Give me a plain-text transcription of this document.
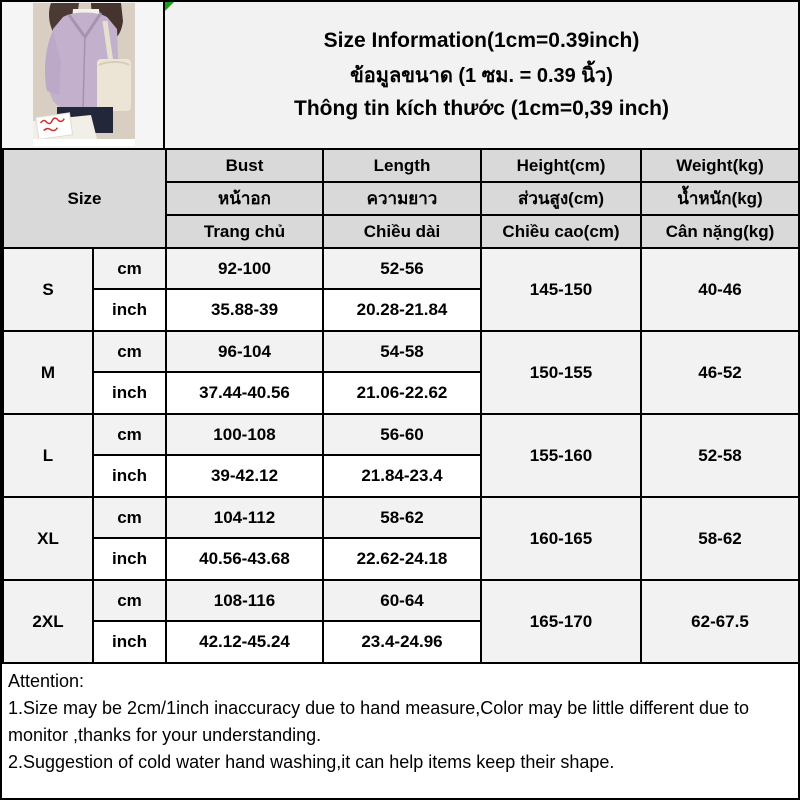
Size Information(1cm=0.39inch)
ข้อมูลขนาด (1 ซม. = 0.39 นิ้ว)
Thông tin kích thước (1cm=0,39 inch)
Size		Bust	Length	Height(cm)	Weight(kg)
		หน้าอก	ความยาว	ส่วนสูง(cm)	น้ำหนัก(kg)
		Trang chủ	Chiều dài	Chiều cao(cm)	Cân nặng(kg)
S	cm	92-100	52-56	145-150	40-46
	inch	35.88-39	20.28-21.84		
M	cm	96-104	54-58	150-155	46-52
	inch	37.44-40.56	21.06-22.62		
L	cm	100-108	56-60	155-160	52-58
	inch	39-42.12	21.84-23.4		
XL	cm	104-112	58-62	160-165	58-62
	inch	40.56-43.68	22.62-24.18		
2XL	cm	108-116	60-64	165-170	62-67.5
	inch	42.12-45.24	23.4-24.96		

Attention:

1.Size may be 2cm/1inch inaccuracy due to hand measure,Color may be little different due to monitor ,thanks for your understanding.

2.Suggestion of cold water hand washing,it can help items keep their shape.
